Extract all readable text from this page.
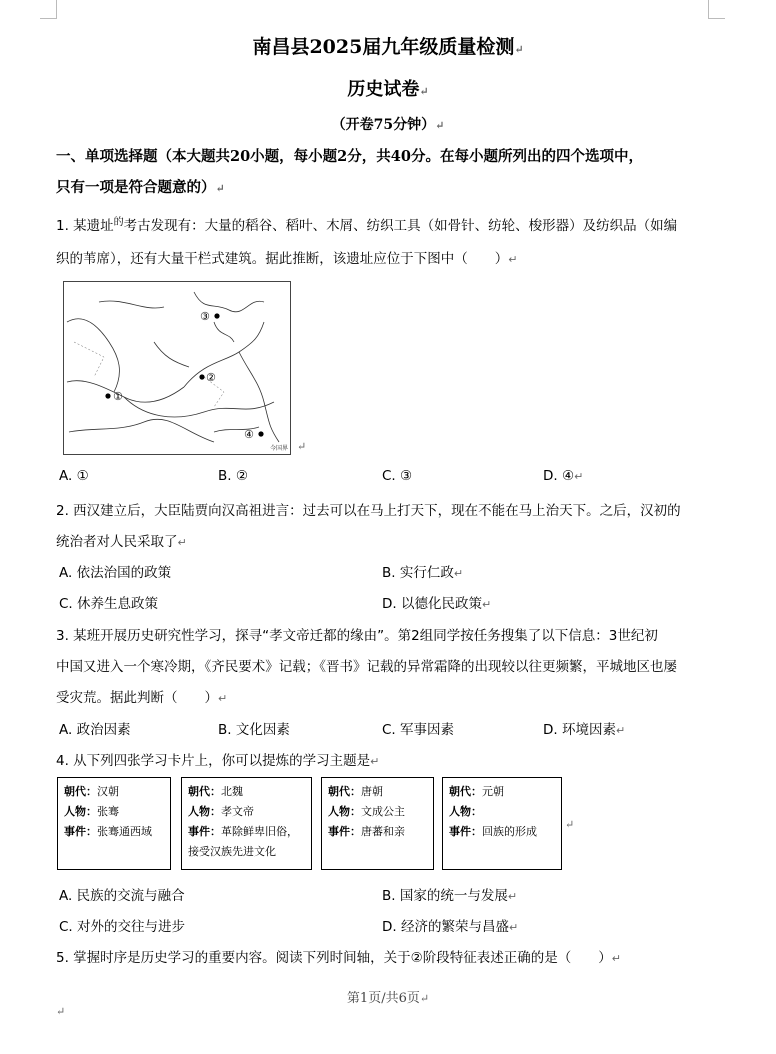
南昌县2025届九年级质量检测↵
历史试卷↵
（开卷75分钟）↵
一、单项选择题（本大题共20小题，每小题2分，共40分。在每小题所列出的四个选项中，
只有一项是符合题意的）↵
1. 某遗址$^的$考古发现有：大量的稻谷、稻叶、木屑、纺织工具（如骨针、纺轮、梭形器）及纺织品（如编
织的苇席），还有大量干栏式建筑。据此推断，该遗址应位于下图中（　　）↵
③
②
①
④
今国界 ↵
A. ①	B. ②	C. ③	D. ④↵
2. 西汉建立后，大臣陆贾向汉高祖进言：过去可以在马上打天下，现在不能在马上治天下。之后，汉初的
统治者对人民采取了↵
A. 依法治国的政策	B. 实行仁政↵
C. 休养生息政策	D. 以德化民政策↵
3. 某班开展历史研究性学习，探寻“孝文帝迁都的缘由”。第2组同学按任务搜集了以下信息：3世纪初
中国又进入一个寒冷期，《齐民要术》记载；《晋书》记载的异常霜降的出现较以往更频繁，平城地区也屡
受灾荒。据此判断（　　）↵
A. 政治因素	B. 文化因素	C. 军事因素	D. 环境因素↵
4. 从下列四张学习卡片上，你可以提炼的学习主题是↵
朝代：汉朝
人物：张骞
事件：张骞通西域
朝代：北魏
人物：孝文帝
事件：革除鲜卑旧俗，
接受汉族先进文化
朝代：唐朝
人物：文成公主
事件：唐蕃和亲
朝代：元朝
人物：
事件：回族的形成
↵
A. 民族的交流与融合	B. 国家的统一与发展↵
C. 对外的交往与进步	D. 经济的繁荣与昌盛↵
5. 掌握时序是历史学习的重要内容。阅读下列时间轴，关于②阶段特征表述正确的是（　　）↵
第1页/共6页↵
↵
